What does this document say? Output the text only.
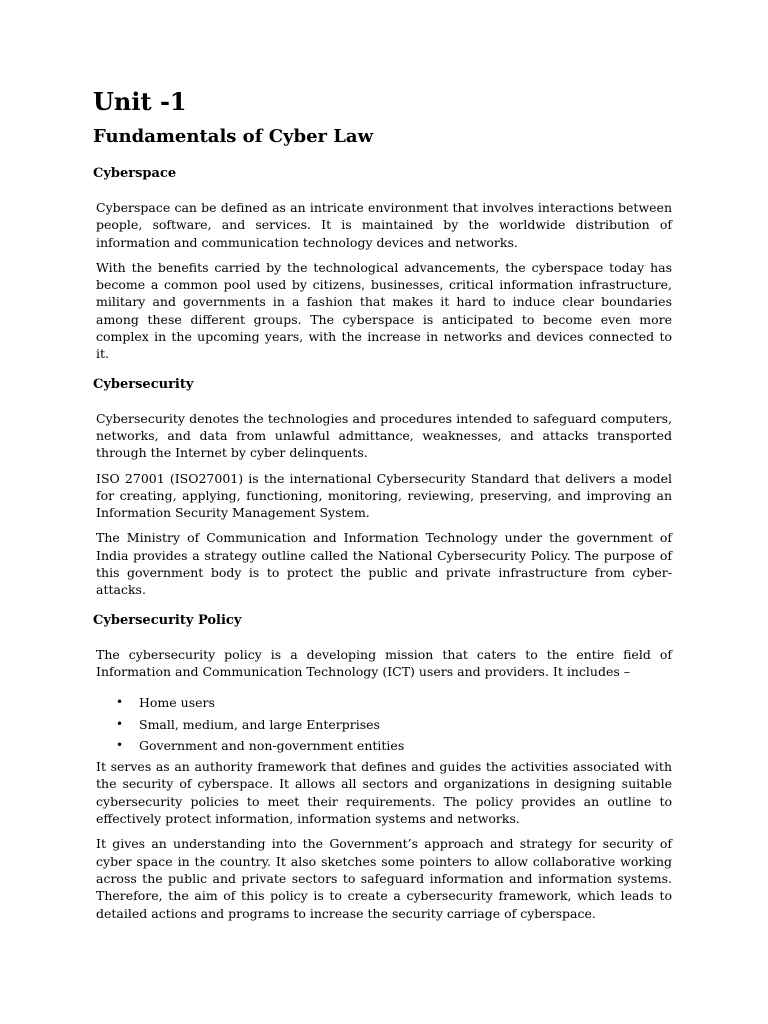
Unit -1
Fundamentals of Cyber Law
Cyberspace

Cyberspace can be defined as an intricate environment that involves interactions between people, software, and services. It is maintained by the worldwide distribution of information and communication technology devices and networks.

With the benefits carried by the technological advancements, the cyberspace today has become a common pool used by citizens, businesses, critical information infrastructure, military and governments in a fashion that makes it hard to induce clear boundaries among these different groups. The cyberspace is anticipated to become even more complex in the upcoming years, with the increase in networks and devices connected to it.

Cybersecurity

Cybersecurity denotes the technologies and procedures intended to safeguard computers, networks, and data from unlawful admittance, weaknesses, and attacks transported through the Internet by cyber delinquents.

ISO 27001 (ISO27001) is the international Cybersecurity Standard that delivers a model for creating, applying, functioning, monitoring, reviewing, preserving, and improving an Information Security Management System.

The Ministry of Communication and Information Technology under the government of India provides a strategy outline called the National Cybersecurity Policy. The purpose of this government body is to protect the public and private infrastructure from cyber-attacks.

Cybersecurity Policy

The cybersecurity policy is a developing mission that caters to the entire field of Information and Communication Technology (ICT) users and providers. It includes –

• Home users
• Small, medium, and large Enterprises
• Government and non-government entities

It serves as an authority framework that defines and guides the activities associated with the security of cyberspace. It allows all sectors and organizations in designing suitable cybersecurity policies to meet their requirements. The policy provides an outline to effectively protect information, information systems and networks.

It gives an understanding into the Government’s approach and strategy for security of cyber space in the country. It also sketches some pointers to allow collaborative working across the public and private sectors to safeguard information and information systems. Therefore, the aim of this policy is to create a cybersecurity framework, which leads to detailed actions and programs to increase the security carriage of cyberspace.
